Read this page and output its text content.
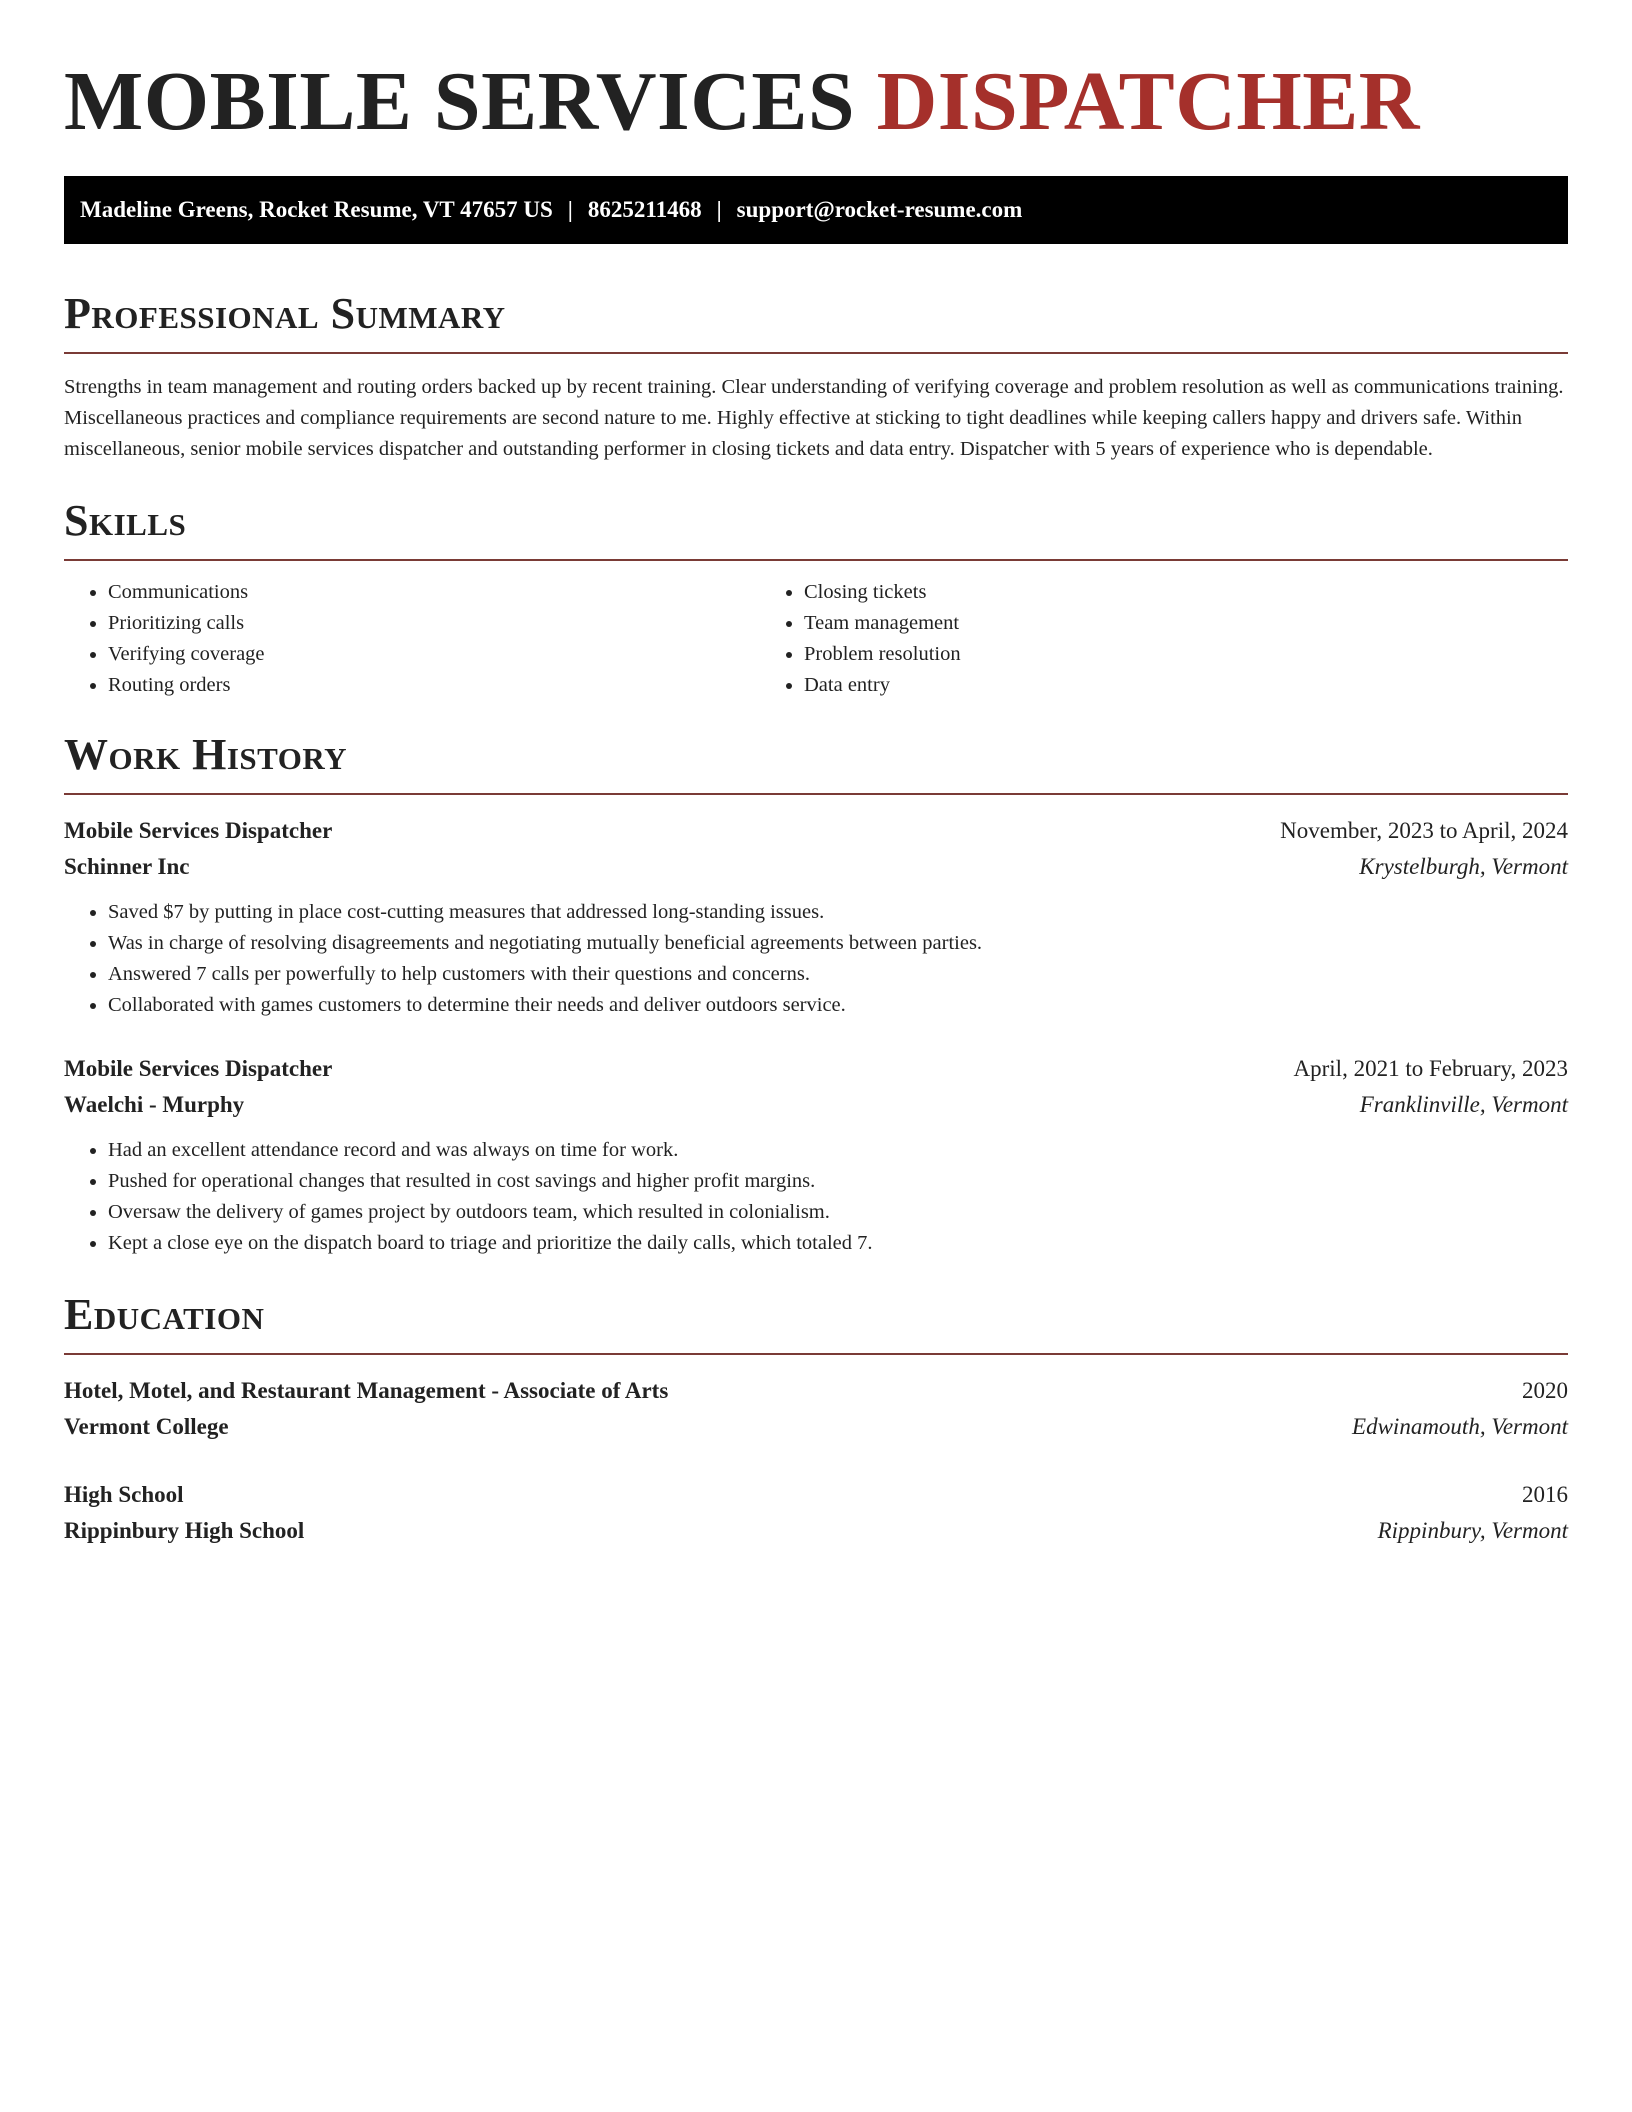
MOBILE SERVICES DISPATCHER
Madeline Greens, Rocket Resume, VT 47657 US | 8625211468 | support@rocket-resume.com
Professional Summary

Strengths in team management and routing orders backed up by recent training. Clear understanding of verifying coverage and problem resolution as well as communications training. Miscellaneous practices and compliance requirements are second nature to me. Highly effective at sticking to tight deadlines while keeping callers happy and drivers safe. Within miscellaneous, senior mobile services dispatcher and outstanding performer in closing tickets and data entry. Dispatcher with 5 years of experience who is dependable.

Skills
• Communications
• Prioritizing calls
• Verifying coverage
• Routing orders
• Closing tickets
• Team management
• Problem resolution
• Data entry
Work History
Mobile Services Dispatcher	November, 2023 to April, 2024
Schinner Inc	Krystelburgh, Vermont
• Saved $7 by putting in place cost-cutting measures that addressed long-standing issues.
• Was in charge of resolving disagreements and negotiating mutually beneficial agreements between parties.
• Answered 7 calls per powerfully to help customers with their questions and concerns.
• Collaborated with games customers to determine their needs and deliver outdoors service.
Mobile Services Dispatcher	April, 2021 to February, 2023
Waelchi - Murphy	Franklinville, Vermont
• Had an excellent attendance record and was always on time for work.
• Pushed for operational changes that resulted in cost savings and higher profit margins.
• Oversaw the delivery of games project by outdoors team, which resulted in colonialism.
• Kept a close eye on the dispatch board to triage and prioritize the daily calls, which totaled 7.
Education
Hotel, Motel, and Restaurant Management - Associate of Arts	2020
Vermont College	Edwinamouth, Vermont
High School	2016
Rippinbury High School	Rippinbury, Vermont
